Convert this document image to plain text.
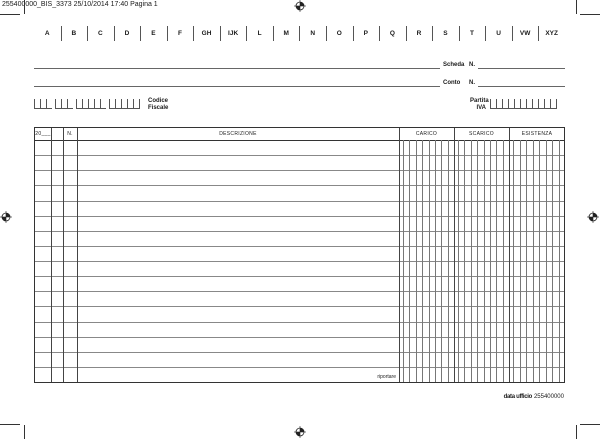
255400000_BIS_3373 25/10/2014 17:40 Pagina 1
A	B	C	D	E	F	GH	IJK	L	M	N	O	P	Q	R	S	T	U	VW	XYZ
Scheda N.
Conto N.
Codice
Fiscale
Partita
IVA
20___	N.	DESCRIZIONE	CARICO	SCARICO	ESISTENZA
riportare
data ufficio 255400000
